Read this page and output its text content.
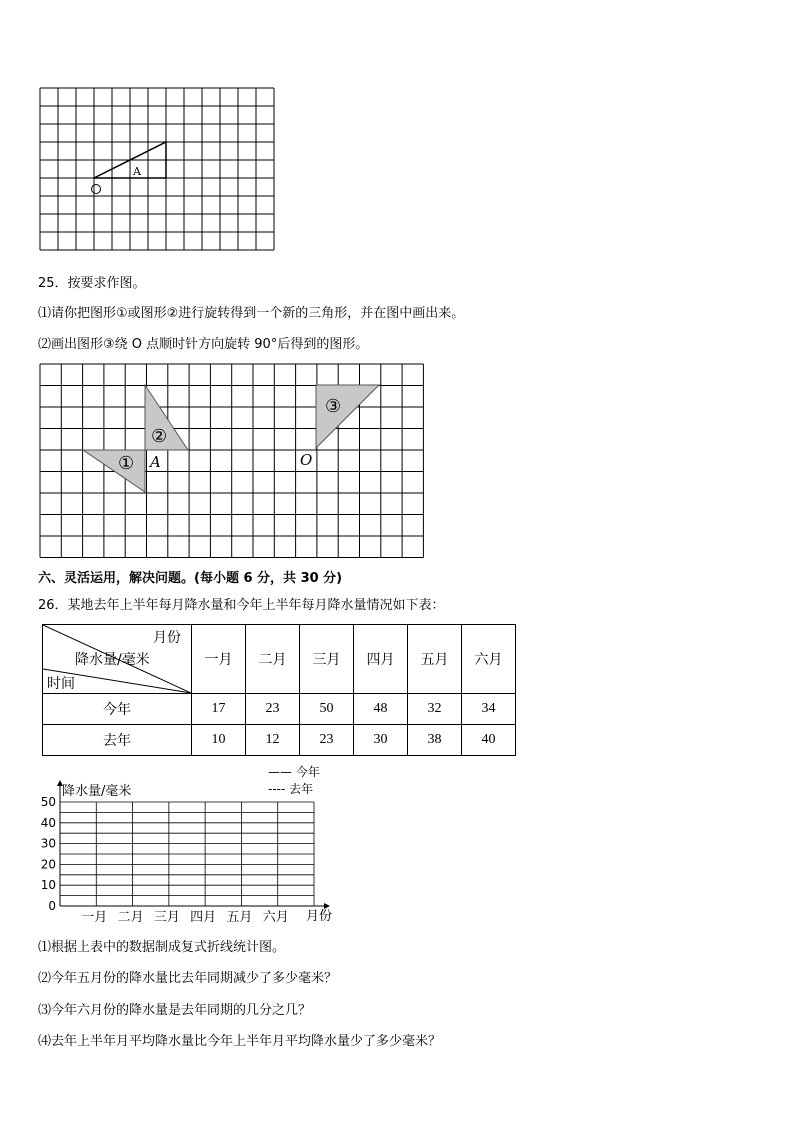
A
25．按要求作图。
⑴请你把图形①或图形②进行旋转得到一个新的三角形，并在图中画出来。
⑵画出图形③绕 O 点顺时针方向旋转 90°后得到的图形。
①
②
③
A	O
六、灵活运用，解决问题。(每小题 6 分，共 30 分)
26．某地去年上半年每月降水量和今年上半年每月降水量情况如下表：
月份
降水量/毫米
时间	一月	二月	三月	四月	五月	六月
今年	17	23	50	48	32	34
去年	10	12	23	30	38	40
0
10
20
30
40
50
一月 二月 三月 四月 五月 六月
降水量/毫米
月份
—— 今年
---- 去年
⑴根据上表中的数据制成复式折线统计图。
⑵今年五月份的降水量比去年同期减少了多少毫米？
⑶今年六月份的降水量是去年同期的几分之几？
⑷去年上半年月平均降水量比今年上半年月平均降水量少了多少毫米？
